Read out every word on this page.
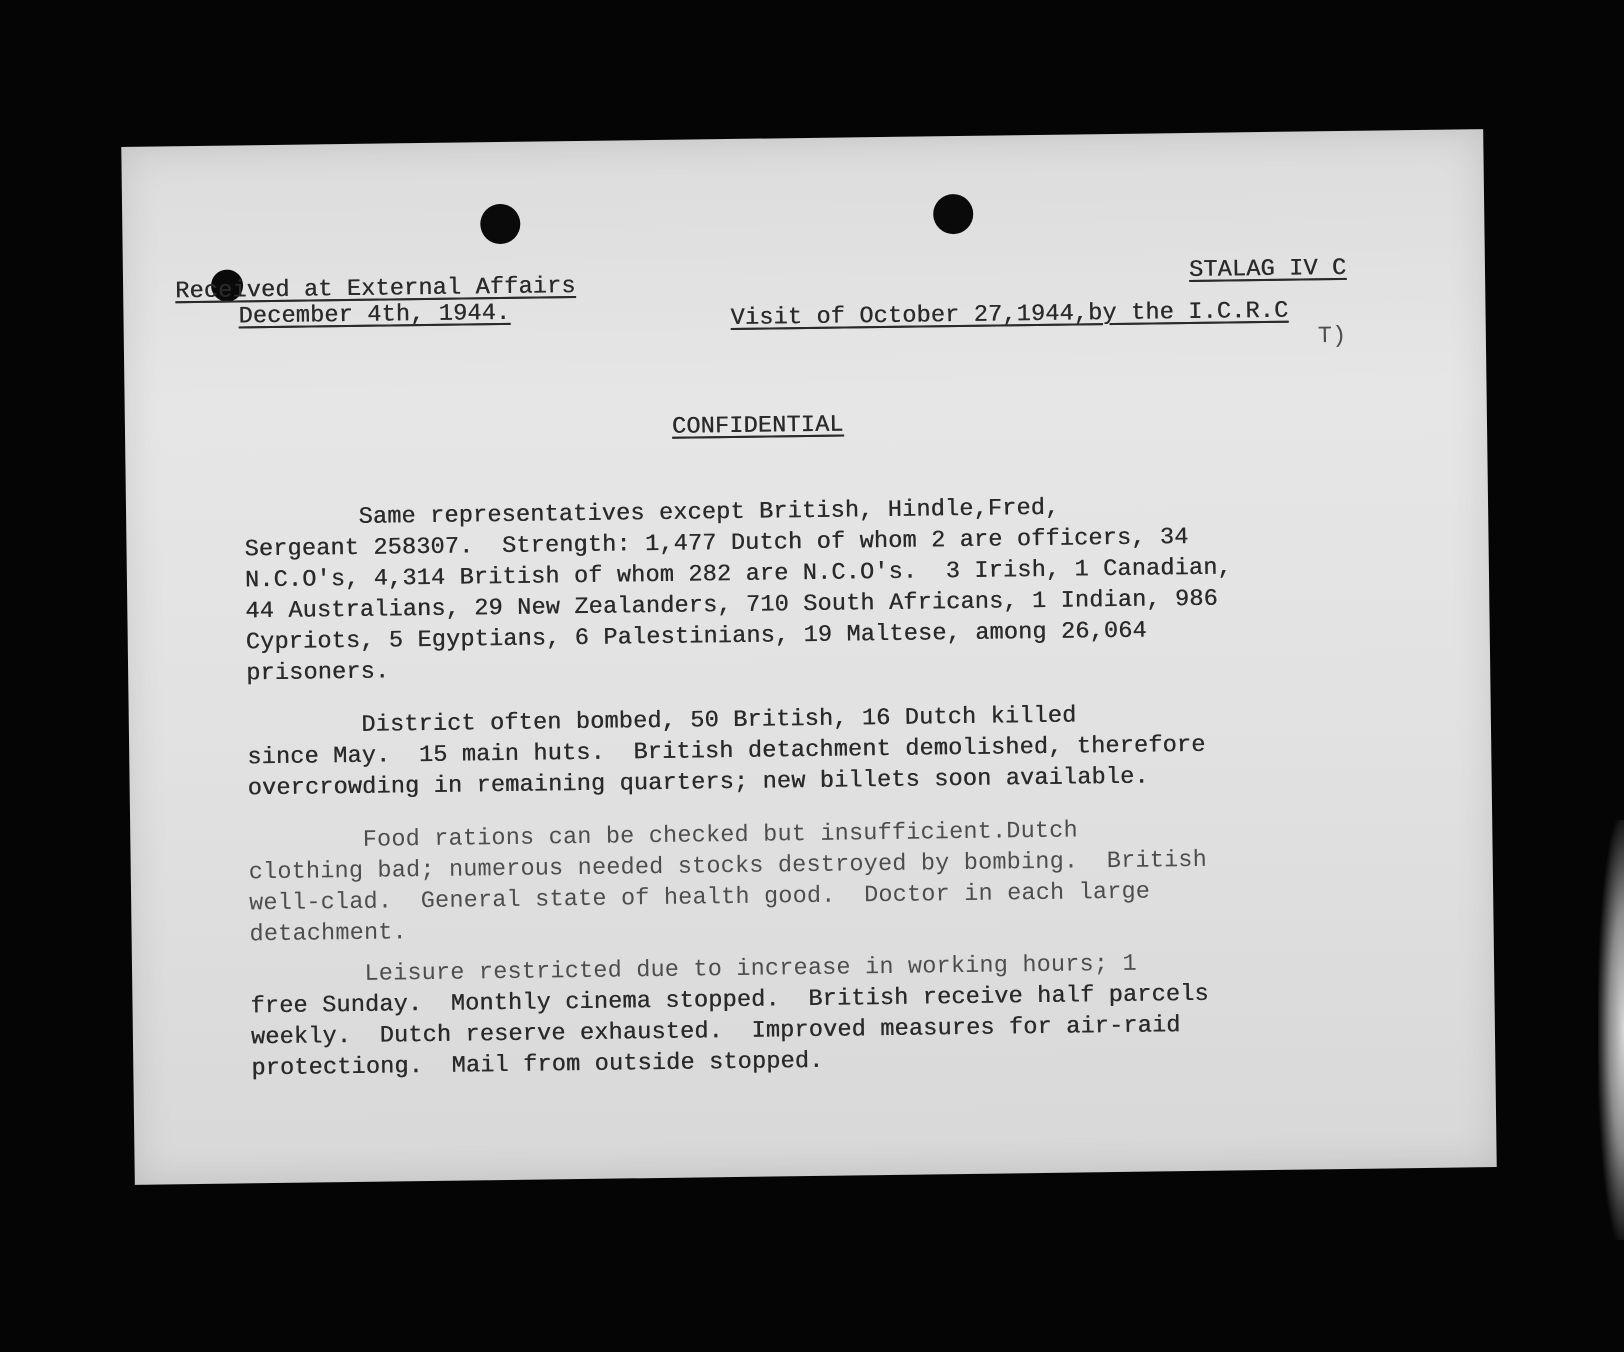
Received at External Affairs
December 4th, 1944.
STALAG IV C
Visit of October 27,1944,by the I.C.R.C
T)
CONFIDENTIAL
Same representatives except British, Hindle,Fred,
Sergeant 258307.  Strength: 1,477 Dutch of whom 2 are officers, 34
N.C.O's, 4,314 British of whom 282 are N.C.O's.  3 Irish, 1 Canadian,
44 Australians, 29 New Zealanders, 710 South Africans, 1 Indian, 986
Cypriots, 5 Egyptians, 6 Palestinians, 19 Maltese, among 26,064
prisoners.
District often bombed, 50 British, 16 Dutch killed
since May.  15 main huts.  British detachment demolished, therefore
overcrowding in remaining quarters; new billets soon available.
Food rations can be checked but insufficient.Dutch
clothing bad; numerous needed stocks destroyed by bombing.  British
well-clad.  General state of health good.  Doctor in each large
detachment.
Leisure restricted due to increase in working hours; 1
free Sunday.  Monthly cinema stopped.  British receive half parcels
weekly.  Dutch reserve exhausted.  Improved measures for air-raid
protectiong.  Mail from outside stopped.
